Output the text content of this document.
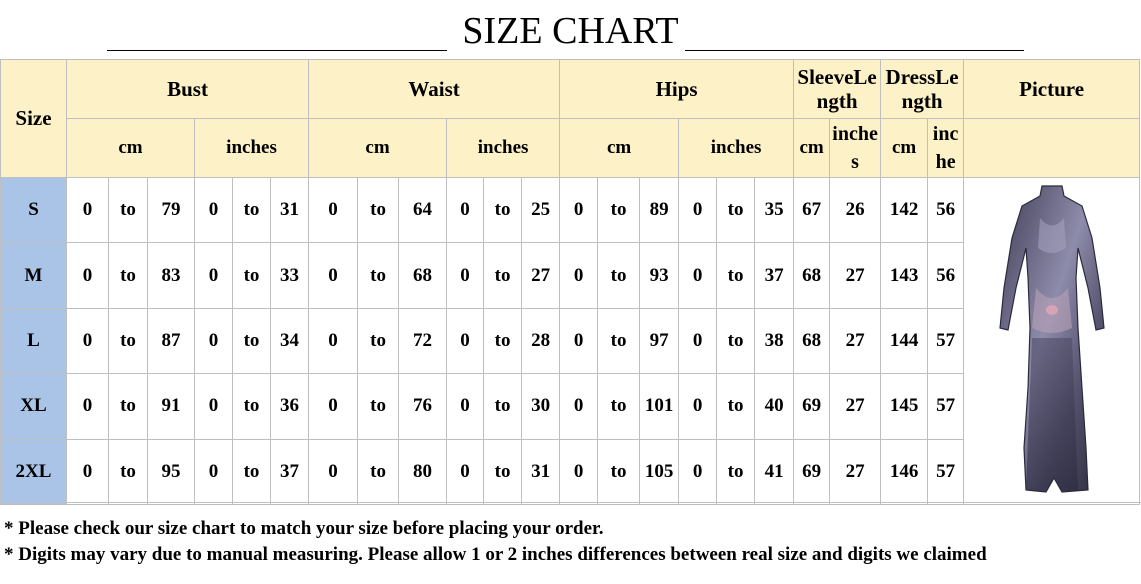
SIZE CHART
Size	Bust						Waist						Hips						SleeveLength		DressLength		Picture
	cm			inches			cm			inches			cm			inches			cm	inches	cm	inche	

S	0	to	79	0	to	31	0	to	64	0	to	25	0	to	89	0	to	35	67	26	142	56	
M	0	to	83	0	to	33	0	to	68	0	to	27	0	to	93	0	to	37	68	27	143	56	
L	0	to	87	0	to	34	0	to	72	0	to	28	0	to	97	0	to	38	68	27	144	57	
XL	0	to	91	0	to	36	0	to	76	0	to	30	0	to	101	0	to	40	69	27	145	57	
2XL	0	to	95	0	to	37	0	to	80	0	to	31	0	to	105	0	to	41	69	27	146	57	
* Please check our size chart to match your size before placing your order.
* Digits may vary due to manual measuring. Please allow 1 or 2 inches differences between real size and digits we claimed
